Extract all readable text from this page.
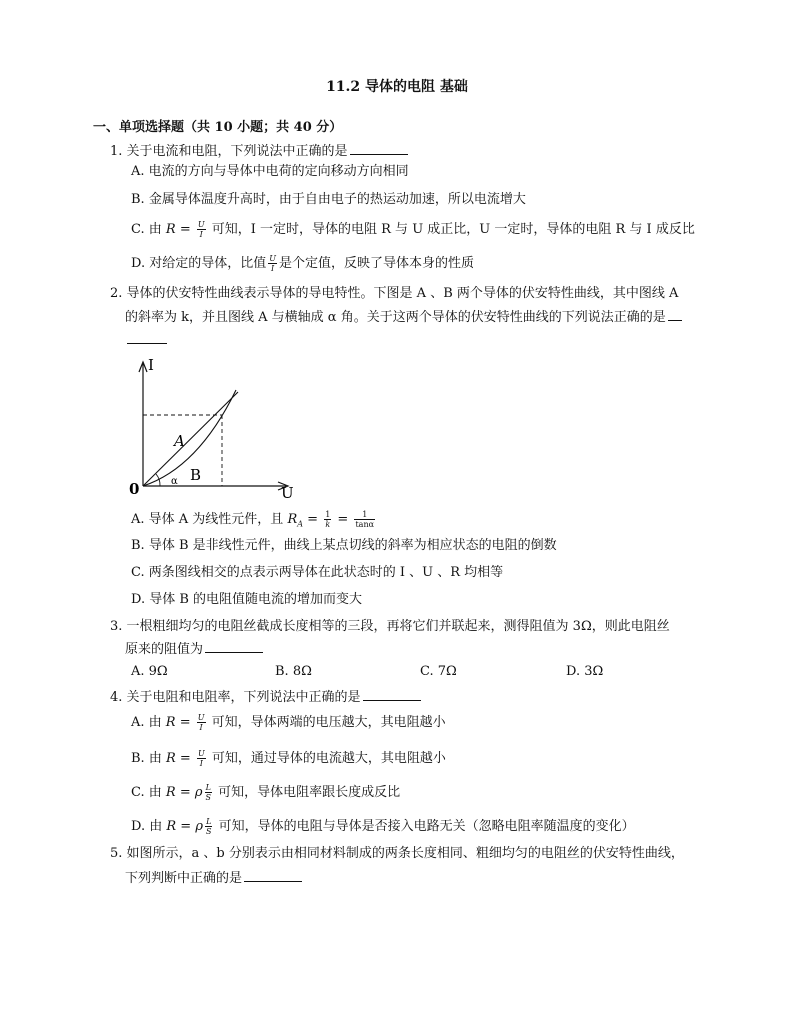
11.2 导体的电阻 基础
一、单项选择题（共 10 小题；共 40 分）
1. 关于电流和电阻，下列说法中正确的是
A. 电流的方向与导体中电荷的定向移动方向相同
B. 金属导体温度升高时，由于自由电子的热运动加速，所以电流增大
C. 由 $R = \frac{U}{I}$ 可知，I 一定时，导体的电阻 R 与 U 成正比，U 一定时，导体的电阻 R 与 I 成反比
D. 对给定的导体，比值 $\frac{U}{I}$ 是个定值，反映了导体本身的性质
2. 导体的伏安特性曲线表示导体的导电特性。下图是 A 、B 两个导体的伏安特性曲线，其中图线 A
的斜率为 k，并且图线 A 与横轴成 α 角。关于这两个导体的伏安特性曲线的下列说法正确的是
I
U
0
A
B
α
A. 导体 A 为线性元件，且 $R_A = \frac{1}{k} = \frac{1}{\tan\alpha}$
B. 导体 B 是非线性元件，曲线上某点切线的斜率为相应状态的电阻的倒数
C. 两条图线相交的点表示两导体在此状态时的 I 、U 、R 均相等
D. 导体 B 的电阻值随电流的增加而变大
3. 一根粗细均匀的电阻丝截成长度相等的三段，再将它们并联起来，测得阻值为 3Ω，则此电阻丝
原来的阻值为
A. 9Ω	B. 8Ω	C. 7Ω	D. 3Ω
4. 关于电阻和电阻率，下列说法中正确的是
A. 由 $R = \frac{U}{I}$ 可知，导体两端的电压越大，其电阻越小
B. 由 $R = \frac{U}{I}$ 可知，通过导体的电流越大，其电阻越小
C. 由 R = ρ $\frac{L}{S}$ 可知，导体电阻率跟长度成反比
D. 由 R = ρ $\frac{L}{S}$ 可知，导体的电阻与导体是否接入电路无关（忽略电阻率随温度的变化）
5. 如图所示，a 、b 分别表示由相同材料制成的两条长度相同、粗细均匀的电阻丝的伏安特性曲线，
下列判断中正确的是
